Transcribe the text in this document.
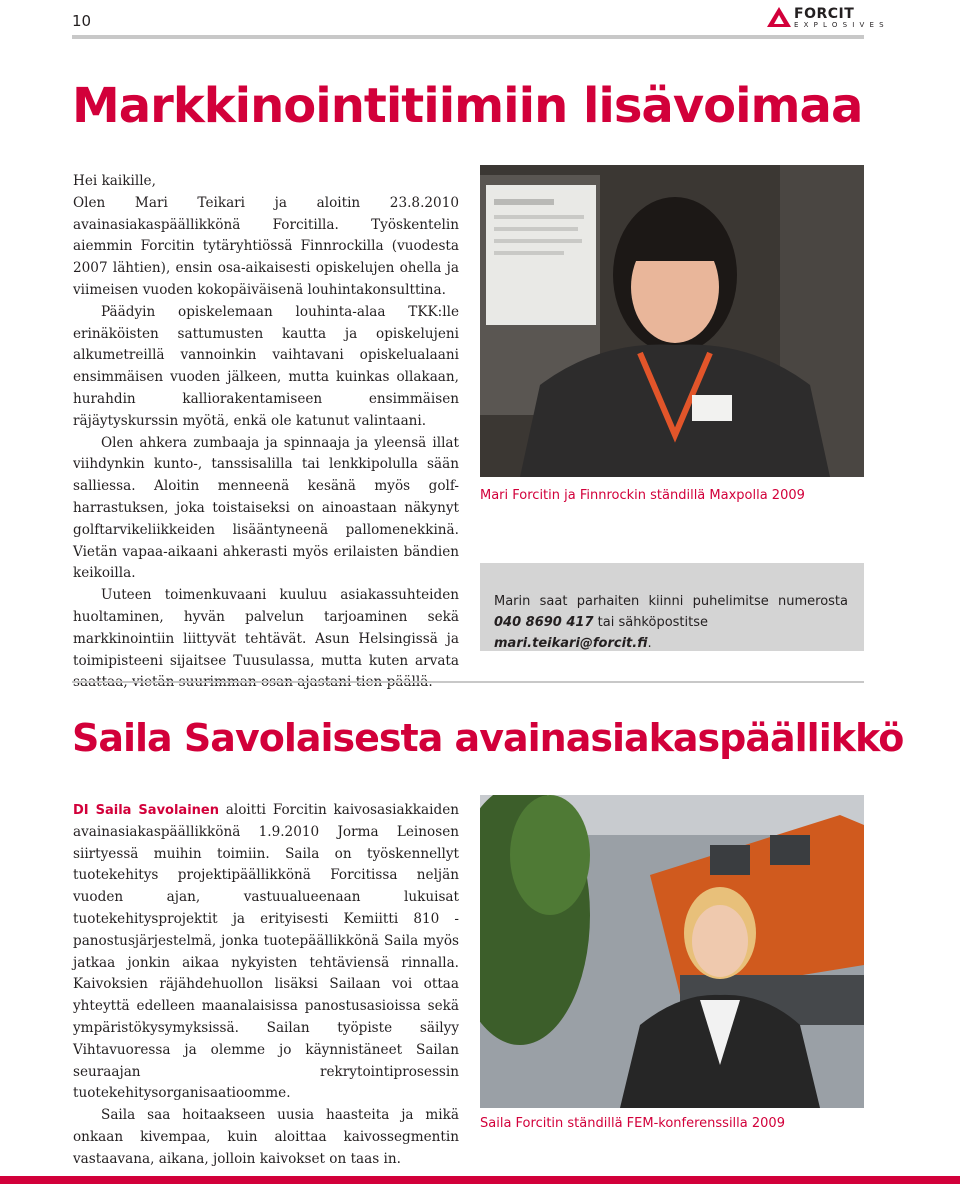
10	FORCIT
EXPLOSIVES
Markkinointitiimiin lisävoimaa

Hei kaikille,
Olen Mari Teikari ja aloitin 23.8.2010 avainasiakaspäällikkönä Forcitilla. Työskentelin aiemmin Forcitin tytäryhtiössä Finnrockilla (vuodesta 2007 lähtien), ensin osa-aikaisesti opiskelujen ohella ja viimeisen vuoden kokopäiväisenä louhintakonsulttina.

Päädyin opiskelemaan louhinta-alaa TKK:lle erinäköisten sattumusten kautta ja opiskelujeni alkumetreillä vannoinkin vaihtavani opiskelualaani ensimmäisen vuoden jälkeen, mutta kuinkas ollakaan, hurahdin kalliorakentamiseen ensimmäisen räjäytyskurssin myötä, enkä ole katunut valintaani.

Olen ahkera zumbaaja ja spinnaaja ja yleensä illat viihdynkin kunto-, tanssisalilla tai lenkkipolulla sään salliessa. Aloitin menneenä kesänä myös golf-harrastuksen, joka toistaiseksi on ainoastaan näkynyt golftarvikeliikkeiden lisääntyneenä pallomenekkinä. Vietän vapaa-aikaani ahkerasti myös erilaisten bändien keikoilla.

Uuteen toimenkuvaani kuuluu asiakassuhteiden huoltaminen, hyvän palvelun tarjoaminen sekä markkinointiin liittyvät tehtävät. Asun Helsingissä ja toimipisteeni sijaitsee Tuusulassa, mutta kuten arvata

Mari Forcitin ja Finnrockin ständillä Maxpolla 2009
Marin saat parhaiten kiinni puhelimitse numerosta
040 8690 417 tai sähköpostitse mari.teikari@forcit.fi.
Saila Savolaisesta avainasiakaspäällikkö

DI Saila Savolainen aloitti Forcitin kaivosasiakkaiden avainasiakaspäällikkönä 1.9.2010 Jorma Leinosen siirtyessä muihin toimiin. Saila on työskennellyt tuotekehitys projektipäällikkönä Forcitissa neljän vuoden ajan, vastuualueenaan lukuisat tuotekehitysprojektit ja erityisesti Kemiitti 810 -panostusjärjestelmä, jonka tuotepäällikkönä Saila myös jatkaa jonkin aikaa nykyisten tehtäviensä rinnalla. Kaivoksien räjähdehuollon lisäksi Sailaan voi ottaa yhteyttä edelleen maanalaisissa panostusasioissa sekä ympäristökysymyksissä. Sailan työpiste säilyy Vihtavuoressa ja olemme jo käynnistäneet Sailan seuraajan rekrytointiprosessin tuotekehitysorganisaatioomme.

Saila saa hoitaakseen uusia haasteita ja mikä onkaan kivempaa, kuin aloittaa kaivossegmentin vastaavana, aikana, jolloin kaivokset on taas in.

Saila Forcitin ständillä FEM-konferenssilla 2009
